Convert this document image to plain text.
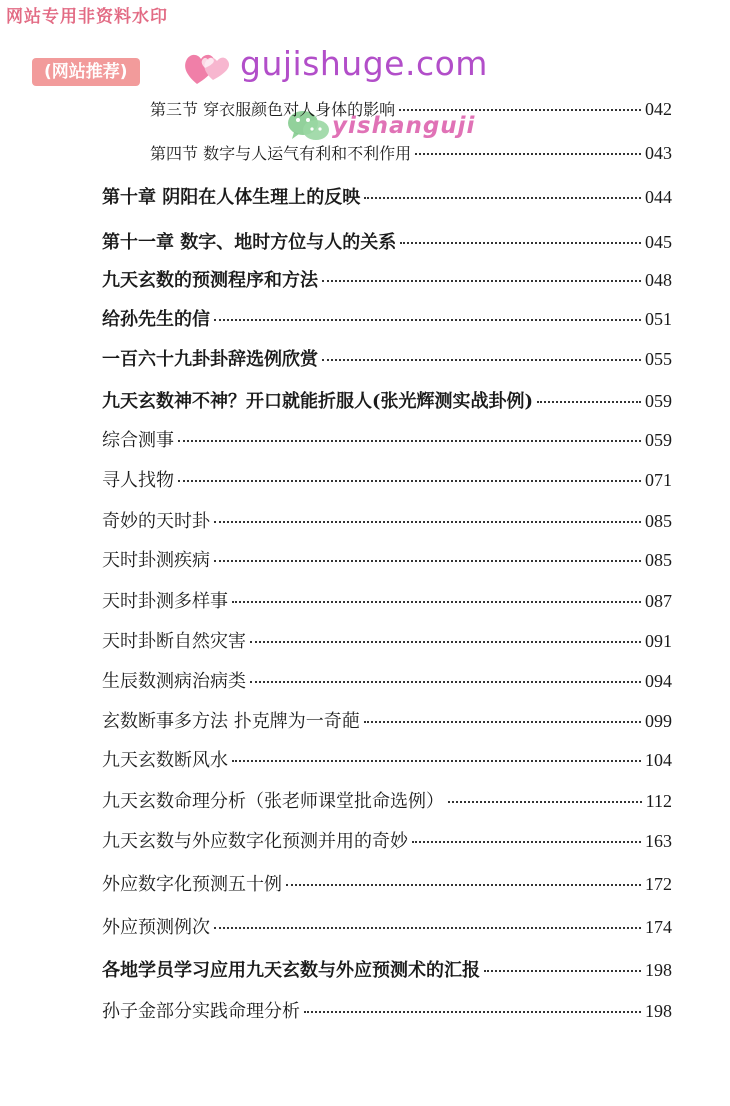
网站专用非资料水印
(网站推荐)	gujishuge.com
yishanguji
第三节 穿衣服颜色对人身体的影响	042
第四节 数字与人运气有利和不利作用	043
第十章 阴阳在人体生理上的反映	044
第十一章 数字、地时方位与人的关系	045
九天玄数的预测程序和方法	048
给孙先生的信	051
一百六十九卦卦辞选例欣赏	055
九天玄数神不神？开口就能折服人(张光辉测实战卦例)	059
综合测事	059
寻人找物	071
奇妙的天时卦	085
天时卦测疾病	085
天时卦测多样事	087
天时卦断自然灾害	091
生辰数测病治病类	094
玄数断事多方法 扑克牌为一奇葩	099
九天玄数断风水	104
九天玄数命理分析（张老师课堂批命选例）	112
九天玄数与外应数字化预测并用的奇妙	163
外应数字化预测五十例	172
外应预测例次	174
各地学员学习应用九天玄数与外应预测术的汇报	198
孙子金部分实践命理分析	198
